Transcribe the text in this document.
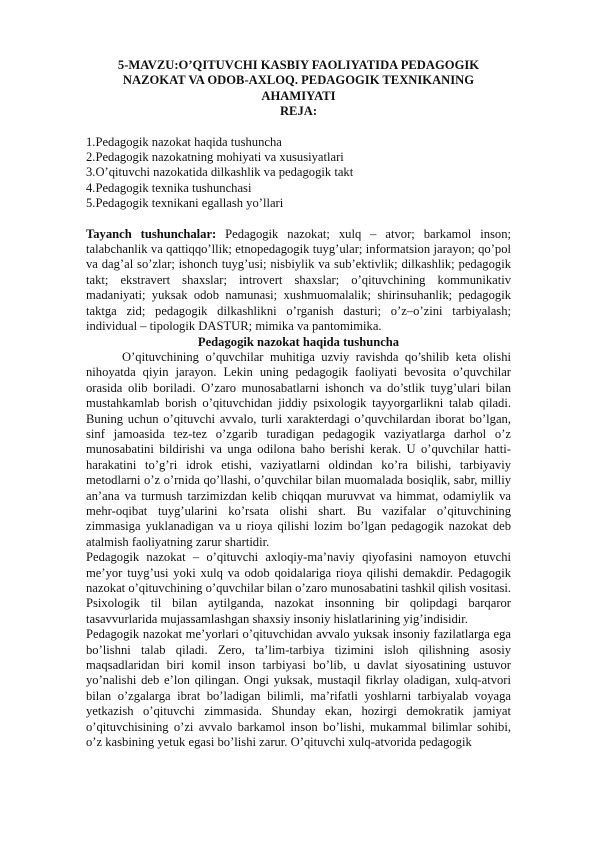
5-MAVZU:O’QITUVCHI KASBIY FAOLIYATIDA PEDAGOGIK
NAZOKAT VA ODOB-AXLOQ. PEDAGOGIK TEXNIKANING
AHAMIYATI
REJA:
1.Pedagogik nazokat haqida tushuncha
2.Pedagogik nazokatning mohiyati va xususiyatlari
3.O’qituvchi nazokatida dilkashlik va pedagogik takt
4.Pedagogik texnika tushunchasi
5.Pedagogik texnikani egallash yo’llari

Tayanch tushunchalar: Pedagogik nazokat; xulq – atvor; barkamol inson; talabchanlik va qattiqqo’llik; etnopedagogik tuyg’ular; informatsion jarayon; qo’pol va dag’al so’zlar; ishonch tuyg’usi; nisbiylik va sub’ektivlik; dilkashlik; pedagogik takt; ekstravert shaxslar; introvert shaxslar; o’qituvchining kommunikativ madaniyati; yuksak odob namunasi; xushmuomalalik; shirinsuhanlik; pedagogik taktga zid; pedagogik dilkashlikni o’rganish dasturi; o’z–o’zini tarbiyalash; individual – tipologik DASTUR; mimika va pantomimika.

Pedagogik nazokat haqida tushuncha

O’qituvchining o’quvchilar muhitiga uzviy ravishda qo’shilib keta olishi nihoyatda qiyin jarayon. Lekin uning pedagogik faoliyati bevosita o’quvchilar orasida olib boriladi. O’zaro munosabatlarni ishonch va do’stlik tuyg’ulari bilan mustahkamlab borish o’qituvchidan jiddiy psixologik tayyorgarlikni talab qiladi. Buning uchun o’qituvchi avvalo, turli xarakterdagi o’quvchilardan iborat bo’lgan, sinf jamoasida tez-tez o’zgarib turadigan pedagogik vaziyatlarga darhol o’z munosabatini bildirishi va unga odilona baho berishi kerak. U o’quvchilar hatti-harakatini to’g’ri idrok etishi, vaziyatlarni oldindan ko’ra bilishi, tarbiyaviy metodlarni o’z o’rnida qo’llashi, o’quvchilar bilan muomalada bosiqlik, sabr, milliy an’ana va turmush tarzimizdan kelib chiqqan muruvvat va himmat, odamiylik va mehr-oqibat tuyg’ularini ko’rsata olishi shart. Bu vazifalar o’qituvchining zimmasiga yuklanadigan va u rioya qilishi lozim bo’lgan pedagogik nazokat deb atalmish faoliyatning zarur shartidir.

Pedagogik nazokat – o’qituvchi axloqiy-ma’naviy qiyofasini namoyon etuvchi me’yor tuyg’usi yoki xulq va odob qoidalariga rioya qilishi demakdir. Pedagogik nazokat o’qituvchining o’quvchilar bilan o’zaro munosabatini tashkil qilish vositasi. Psixologik til bilan aytilganda, nazokat insonning bir qolipdagi barqaror tasavvurlarida mujassamlashgan shaxsiy insoniy hislatlarining yig’indisidir.

Pedagogik nazokat me’yorlari o’qituvchidan avvalo yuksak insoniy fazilatlarga ega bo’lishni talab qiladi. Zero, ta’lim-tarbiya tizimini isloh qilishning asosiy maqsadlaridan biri komil inson tarbiyasi bo’lib, u davlat siyosatining ustuvor yo’nalishi deb e’lon qilingan. Ongi yuksak, mustaqil fikrlay oladigan, xulq-atvori bilan o’zgalarga ibrat bo’ladigan bilimli, ma’rifatli yoshlarni tarbiyalab voyaga yetkazish o’qituvchi zimmasida. Shunday ekan, hozirgi demokratik jamiyat o’qituvchisining o’zi avvalo barkamol inson bo’lishi, mukammal bilimlar sohibi, o’z kasbining yetuk egasi bo’lishi zarur. O’qituvchi xulq-atvorida pedagogik
